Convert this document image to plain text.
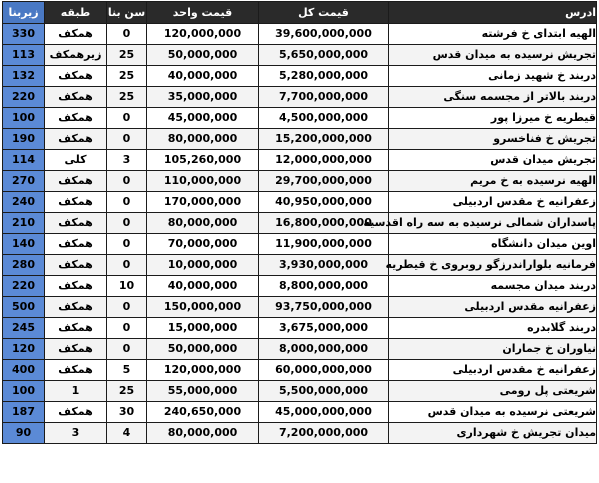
زیربنا	طبقه	سن بنا	قیمت واحد	قیمت کل	ادرس
330	همکف	0	120,000,000	39,600,000,000	الهیه ابتدای خ فرشته
113	زیرهمکف	25	50,000,000	5,650,000,000	تجریش نرسیده به میدان قدس
132	همکف	25	40,000,000	5,280,000,000	دربند خ شهید زمانی
220	همکف	25	35,000,000	7,700,000,000	دربند بالاتر از مجسمه سنگی
100	همکف	0	45,000,000	4,500,000,000	قیطریه خ میرزا پور
190	همکف	0	80,000,000	15,200,000,000	تجریش خ فناخسرو
114	کلی	3	105,260,000	12,000,000,000	تجریش میدان قدس
270	همکف	0	110,000,000	29,700,000,000	الهیه نرسیده به خ مریم
240	همکف	0	170,000,000	40,950,000,000	زعفرانیه خ مقدس اردبیلی
210	همکف	0	80,000,000	16,800,000,000	پاسداران شمالی نرسیده به سه راه اقدسیه
140	همکف	0	70,000,000	11,900,000,000	اوین میدان دانشگاه
280	همکف	0	10,000,000	3,930,000,000	فرمانیه بلواراندرزگو روبروی خ قیطریه
220	همکف	10	40,000,000	8,800,000,000	دربند میدان مجسمه
500	همکف	0	150,000,000	93,750,000,000	زعفرانیه مقدس اردبیلی
245	همکف	0	15,000,000	3,675,000,000	دربند گلابدره
120	همکف	0	50,000,000	8,000,000,000	نیاوران خ جماران
400	همکف	5	120,000,000	60,000,000,000	زعفرانیه خ مقدس اردبیلی
100	1	25	55,000,000	5,500,000,000	شریعتی پل رومی
187	همکف	30	240,650,000	45,000,000,000	شریعتی نرسیده به میدان قدس
90	3	4	80,000,000	7,200,000,000	میدان تجریش خ شهرداری
